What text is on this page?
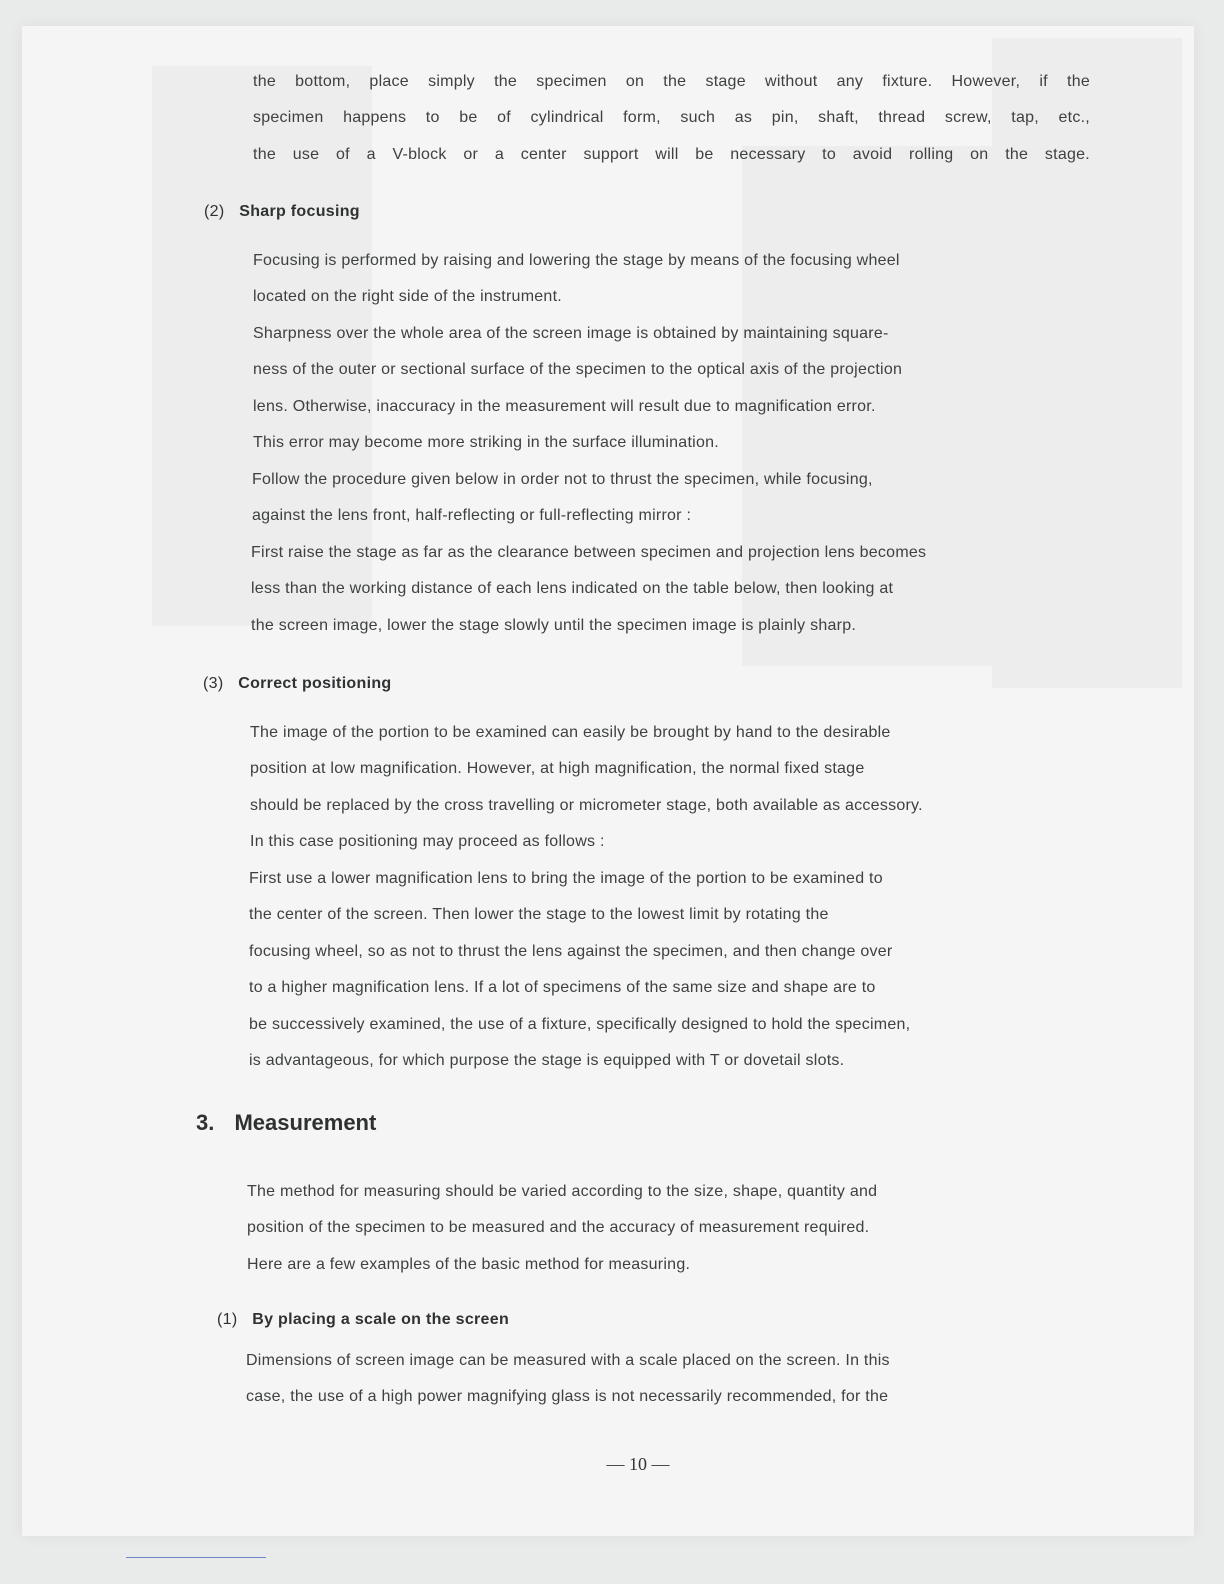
the bottom, place simply the specimen on the stage without any fixture. However, if the
specimen happens to be of cylindrical form, such as pin, shaft, thread screw, tap, etc.,
the use of a V-block or a center support will be necessary to avoid rolling on the stage.

(2) Sharp focusing

Focusing is performed by raising and lowering the stage by means of the focusing wheel
located on the right side of the instrument.

Sharpness over the whole area of the screen image is obtained by maintaining square-
ness of the outer or sectional surface of the specimen to the optical axis of the projection
lens. Otherwise, inaccuracy in the measurement will result due to magnification error.
This error may become more striking in the surface illumination.

Follow the procedure given below in order not to thrust the specimen, while focusing,
against the lens front, half-reflecting or full-reflecting mirror :

First raise the stage as far as the clearance between specimen and projection lens becomes
less than the working distance of each lens indicated on the table below, then looking at
the screen image, lower the stage slowly until the specimen image is plainly sharp.

(3) Correct positioning

The image of the portion to be examined can easily be brought by hand to the desirable
position at low magnification. However, at high magnification, the normal fixed stage
should be replaced by the cross travelling or micrometer stage, both available as accessory.
In this case positioning may proceed as follows :

First use a lower magnification lens to bring the image of the portion to be examined to
the center of the screen. Then lower the stage to the lowest limit by rotating the
focusing wheel, so as not to thrust the lens against the specimen, and then change over
to a higher magnification lens. If a lot of specimens of the same size and shape are to
be successively examined, the use of a fixture, specifically designed to hold the specimen,
is advantageous, for which purpose the stage is equipped with T or dovetail slots.

3. Measurement

The method for measuring should be varied according to the size, shape, quantity and
position of the specimen to be measured and the accuracy of measurement required.
Here are a few examples of the basic method for measuring.

(1) By placing a scale on the screen

Dimensions of screen image can be measured with a scale placed on the screen. In this
case, the use of a high power magnifying glass is not necessarily recommended, for the

— 10 —
